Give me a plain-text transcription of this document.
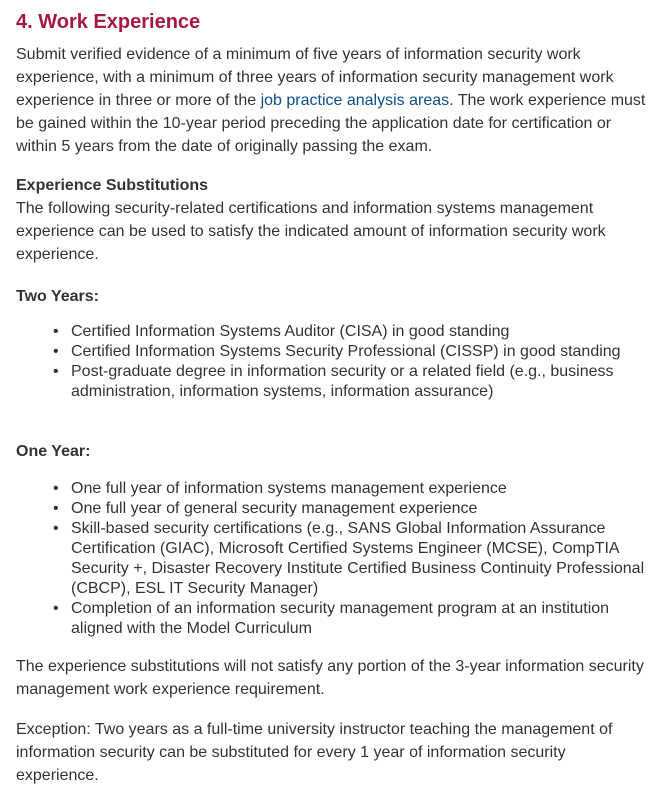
4. Work Experience

Submit verified evidence of a minimum of five years of information security work experience, with a minimum of three years of information security management work experience in three or more of the job practice analysis areas. The work experience must be gained within the 10-year period preceding the application date for certification or within 5 years from the date of originally passing the exam.

Experience Substitutions
The following security-related certifications and information systems management experience can be used to satisfy the indicated amount of information security work experience.
Two Years:
• Certified Information Systems Auditor (CISA) in good standing
• Certified Information Systems Security Professional (CISSP) in good standing
• Post-graduate degree in information security or a related field (e.g., business administration, information systems, information assurance)
One Year:
• One full year of information systems management experience
• One full year of general security management experience
• Skill-based security certifications (e.g., SANS Global Information Assurance Certification (GIAC), Microsoft Certified Systems Engineer (MCSE), CompTIA Security +, Disaster Recovery Institute Certified Business Continuity Professional (CBCP), ESL IT Security Manager)
• Completion of an information security management program at an institution aligned with the Model Curriculum

The experience substitutions will not satisfy any portion of the 3-year information security management work experience requirement.

Exception: Two years as a full-time university instructor teaching the management of information security can be substituted for every 1 year of information security experience.
